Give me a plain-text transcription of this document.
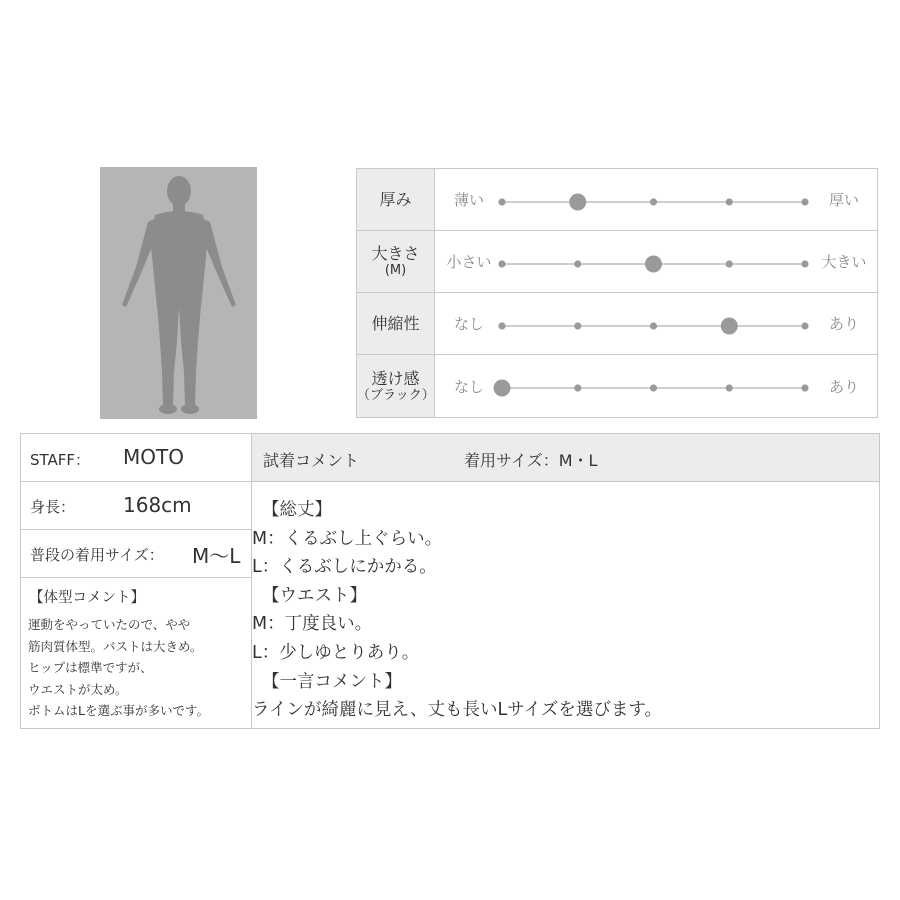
厚み	薄い	厚い
大きさ
(M)	小さい	大きい
伸縮性	なし	あり
透け感
（ブラック）	なし	あり
STAFF： MOTO
身長： 168cm
普段の着用サイズ： M〜L
【体型コメント】
運動をやっていたので、やや
筋肉質体型。バストは大きめ。
ヒップは標準ですが、
ウエストが太め。
ボトムはLを選ぶ事が多いです。
試着コメント	着用サイズ：M・L
【総丈】
M：くるぶし上ぐらい。
L：くるぶしにかかる。
【ウエスト】
M：丁度良い。
L：少しゆとりあり。
【一言コメント】
ラインが綺麗に見え、丈も長いLサイズを選びます。
